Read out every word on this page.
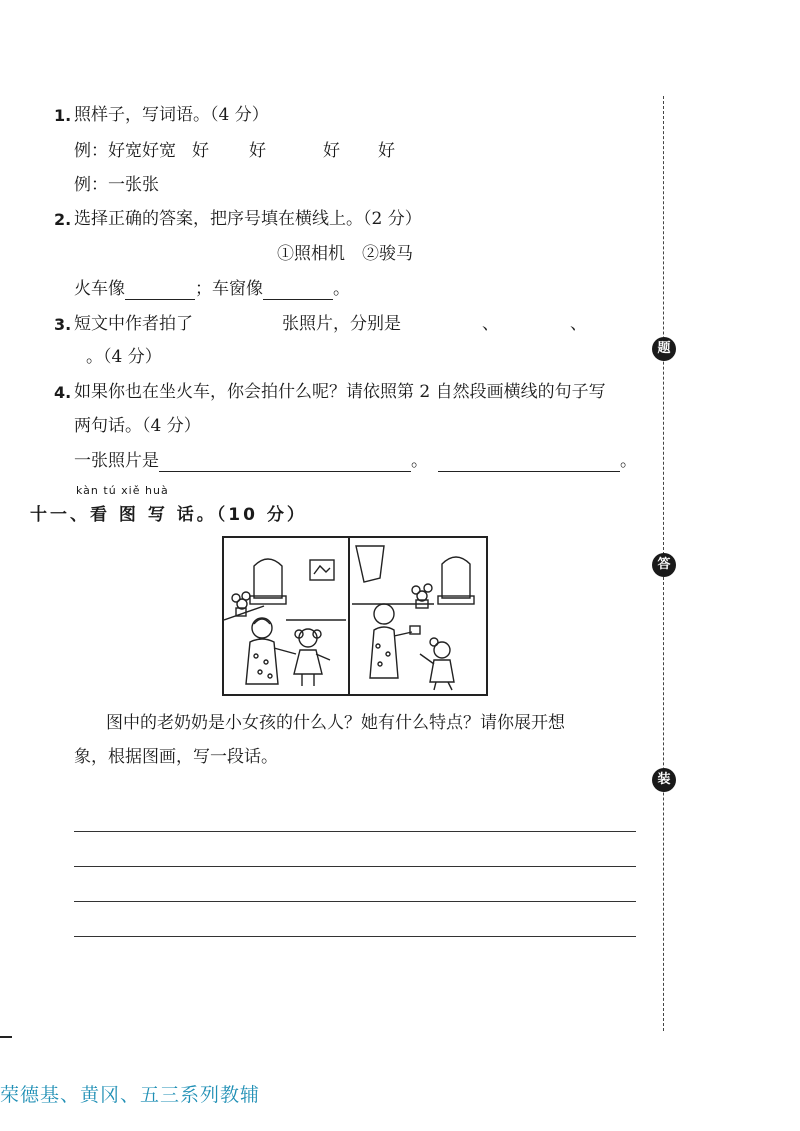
1. 照样子，写词语。（4 分）
例：好宽好宽 好 好	好 好
例：一张张
2. 选择正确的答案，把序号填在横线上。（2 分）
①照相机　②骏马
火车像	；车窗像	。
3. 短文中作者拍了	张照片，分别是	、	、
。（4 分）
4. 如果你也在坐火车，你会拍什么呢？请依照第 2 自然段画横线的句子写
两句话。（4 分）
一张照片是	。	。
kàn tú xiě huà
十一、看 图 写 话。（10 分）
图中的老奶奶是小女孩的什么人？她有什么特点？请你展开想
象，根据图画，写一段话。
题
答
装
荣德基、黄冈、五三系列教辅
